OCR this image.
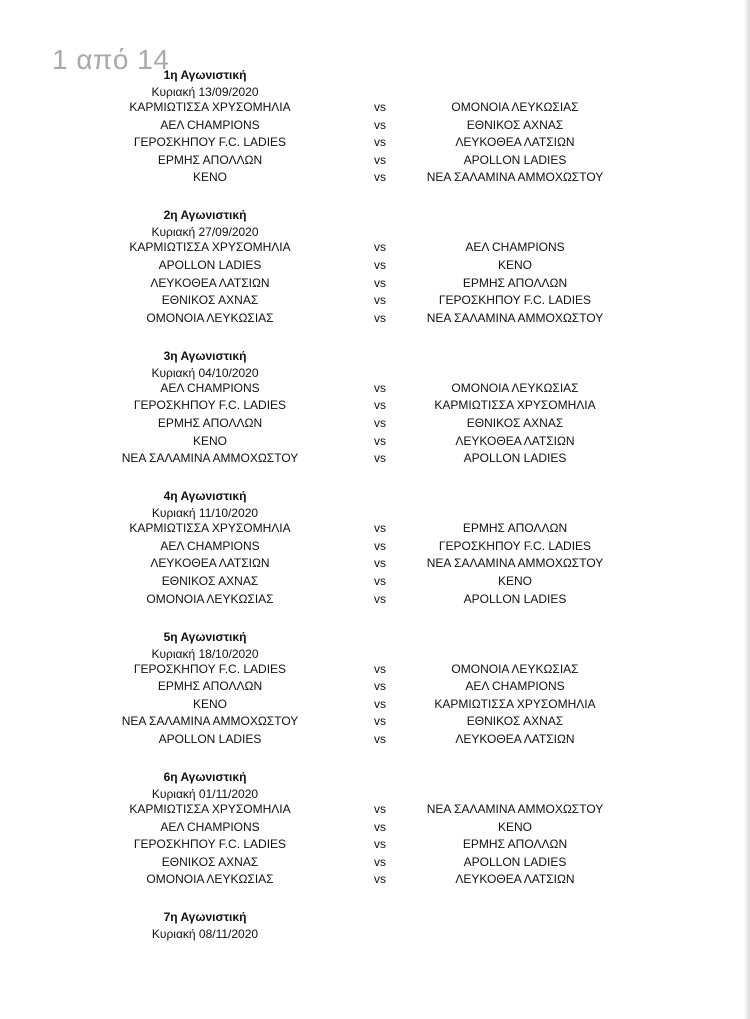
1η Αγωνιστική
Κυριακή 13/09/2020
ΚΑΡΜΙΩΤΙΣΣΑ ΧΡΥΣΟΜΗΛΙΑ	vs	ΟΜΟΝΟΙΑ ΛΕΥΚΩΣΙΑΣ
ΑΕΛ CHAMPIONS	vs	ΕΘΝΙΚΟΣ ΑΧΝΑΣ
ΓΕΡΟΣΚΗΠΟΥ F.C. LADIES	vs	ΛΕΥΚΟΘΕΑ ΛΑΤΣΙΩΝ
ΕΡΜΗΣ ΑΠΟΛΛΩΝ	vs	APOLLON LADIES
ΚΕΝΟ	vs	ΝΕΑ ΣΑΛΑΜΙΝΑ ΑΜΜΟΧΩΣΤΟΥ
2η Αγωνιστική
Κυριακή 27/09/2020
ΚΑΡΜΙΩΤΙΣΣΑ ΧΡΥΣΟΜΗΛΙΑ	vs	ΑΕΛ CHAMPIONS
APOLLON LADIES	vs	ΚΕΝΟ
ΛΕΥΚΟΘΕΑ ΛΑΤΣΙΩΝ	vs	ΕΡΜΗΣ ΑΠΟΛΛΩΝ
ΕΘΝΙΚΟΣ ΑΧΝΑΣ	vs	ΓΕΡΟΣΚΗΠΟΥ F.C. LADIES
ΟΜΟΝΟΙΑ ΛΕΥΚΩΣΙΑΣ	vs	ΝΕΑ ΣΑΛΑΜΙΝΑ ΑΜΜΟΧΩΣΤΟΥ
3η Αγωνιστική
Κυριακή 04/10/2020
ΑΕΛ CHAMPIONS	vs	ΟΜΟΝΟΙΑ ΛΕΥΚΩΣΙΑΣ
ΓΕΡΟΣΚΗΠΟΥ F.C. LADIES	vs	ΚΑΡΜΙΩΤΙΣΣΑ ΧΡΥΣΟΜΗΛΙΑ
ΕΡΜΗΣ ΑΠΟΛΛΩΝ	vs	ΕΘΝΙΚΟΣ ΑΧΝΑΣ
ΚΕΝΟ	vs	ΛΕΥΚΟΘΕΑ ΛΑΤΣΙΩΝ
ΝΕΑ ΣΑΛΑΜΙΝΑ ΑΜΜΟΧΩΣΤΟΥ	vs	APOLLON LADIES
4η Αγωνιστική
Κυριακή 11/10/2020
ΚΑΡΜΙΩΤΙΣΣΑ ΧΡΥΣΟΜΗΛΙΑ	vs	ΕΡΜΗΣ ΑΠΟΛΛΩΝ
ΑΕΛ CHAMPIONS	vs	ΓΕΡΟΣΚΗΠΟΥ F.C. LADIES
ΛΕΥΚΟΘΕΑ ΛΑΤΣΙΩΝ	vs	ΝΕΑ ΣΑΛΑΜΙΝΑ ΑΜΜΟΧΩΣΤΟΥ
ΕΘΝΙΚΟΣ ΑΧΝΑΣ	vs	ΚΕΝΟ
ΟΜΟΝΟΙΑ ΛΕΥΚΩΣΙΑΣ	vs	APOLLON LADIES
5η Αγωνιστική
Κυριακή 18/10/2020
ΓΕΡΟΣΚΗΠΟΥ F.C. LADIES	vs	ΟΜΟΝΟΙΑ ΛΕΥΚΩΣΙΑΣ
ΕΡΜΗΣ ΑΠΟΛΛΩΝ	vs	ΑΕΛ CHAMPIONS
ΚΕΝΟ	vs	ΚΑΡΜΙΩΤΙΣΣΑ ΧΡΥΣΟΜΗΛΙΑ
ΝΕΑ ΣΑΛΑΜΙΝΑ ΑΜΜΟΧΩΣΤΟΥ	vs	ΕΘΝΙΚΟΣ ΑΧΝΑΣ
APOLLON LADIES	vs	ΛΕΥΚΟΘΕΑ ΛΑΤΣΙΩΝ
6η Αγωνιστική
Κυριακή 01/11/2020
ΚΑΡΜΙΩΤΙΣΣΑ ΧΡΥΣΟΜΗΛΙΑ	vs	ΝΕΑ ΣΑΛΑΜΙΝΑ ΑΜΜΟΧΩΣΤΟΥ
ΑΕΛ CHAMPIONS	vs	ΚΕΝΟ
ΓΕΡΟΣΚΗΠΟΥ F.C. LADIES	vs	ΕΡΜΗΣ ΑΠΟΛΛΩΝ
ΕΘΝΙΚΟΣ ΑΧΝΑΣ	vs	APOLLON LADIES
ΟΜΟΝΟΙΑ ΛΕΥΚΩΣΙΑΣ	vs	ΛΕΥΚΟΘΕΑ ΛΑΤΣΙΩΝ
7η Αγωνιστική
Κυριακή 08/11/2020
1 από 14
